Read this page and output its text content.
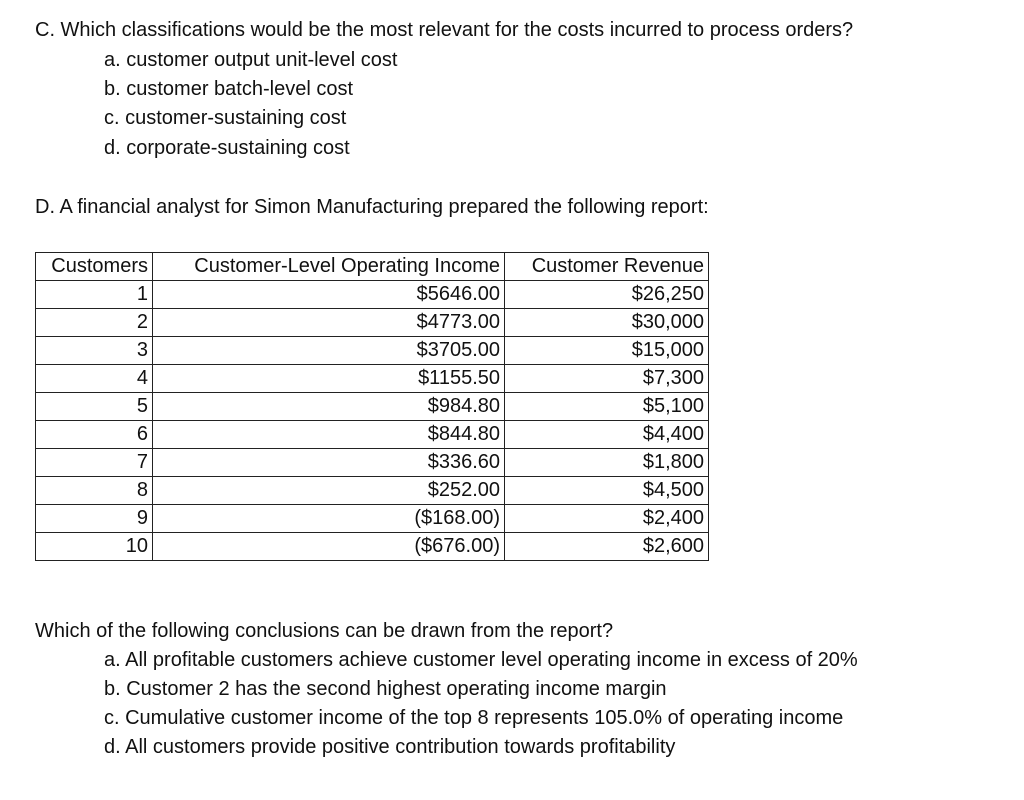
C. Which classifications would be the most relevant for the costs incurred to process orders?
a. customer output unit-level cost
b. customer batch-level cost
c. customer-sustaining cost
d. corporate-sustaining cost
D. A financial analyst for Simon Manufacturing prepared the following report:
Customers	Customer-Level Operating Income	Customer Revenue
1	$5646.00	$26,250
2	$4773.00	$30,000
3	$3705.00	$15,000
4	$1155.50	$7,300
5	$984.80	$5,100
6	$844.80	$4,400
7	$336.60	$1,800
8	$252.00	$4,500
9	($168.00)	$2,400
10	($676.00)	$2,600
Which of the following conclusions can be drawn from the report?
a. All profitable customers achieve customer level operating income in excess of 20%
b. Customer 2 has the second highest operating income margin
c. Cumulative customer income of the top 8 represents 105.0% of operating income
d. All customers provide positive contribution towards profitability
